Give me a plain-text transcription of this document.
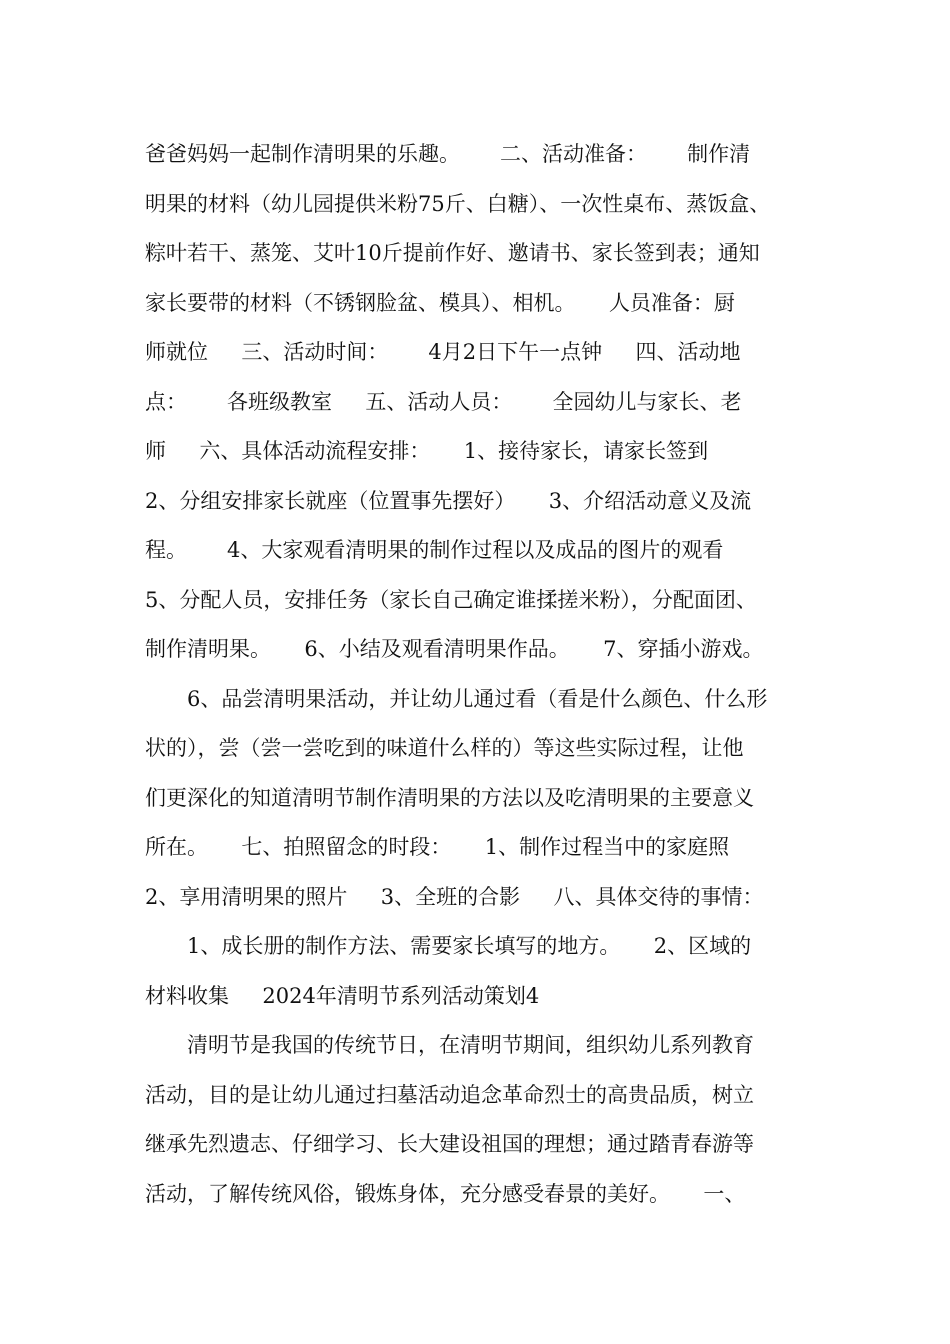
爸爸妈妈一起制作清明果的乐趣。      二、活动准备：      制作清
明果的材料（幼儿园提供米粉75斤、白糖）、一次性桌布、蒸饭盒、
粽叶若干、蒸笼、艾叶10斤提前作好、邀请书、家长签到表；通知
家长要带的材料（不锈钢脸盆、模具）、相机。     人员准备：厨
师就位     三、活动时间：      4月2日下午一点钟     四、活动地
点：      各班级教室     五、活动人员：      全园幼儿与家长、老
师     六、具体活动流程安排：     1、接待家长，请家长签到
2、分组安排家长就座（位置事先摆好）     3、介绍活动意义及流
程。      4、大家观看清明果的制作过程以及成品的图片的观看
5、分配人员，安排任务（家长自己确定谁揉搓米粉），分配面团、
制作清明果。     6、小结及观看清明果作品。     7、穿插小游戏。
6、品尝清明果活动，并让幼儿通过看（看是什么颜色、什么形
状的），尝（尝一尝吃到的味道什么样的）等这些实际过程，让他
们更深化的知道清明节制作清明果的方法以及吃清明果的主要意义
所在。     七、拍照留念的时段：     1、制作过程当中的家庭照
2、享用清明果的照片     3、全班的合影     八、具体交待的事情：
1、成长册的制作方法、需要家长填写的地方。     2、区域的
材料收集     2024年清明节系列活动策划4
清明节是我国的传统节日，在清明节期间，组织幼儿系列教育
活动，目的是让幼儿通过扫墓活动追念革命烈士的高贵品质，树立
继承先烈遗志、仔细学习、长大建设祖国的理想；通过踏青春游等
活动，了解传统风俗，锻炼身体，充分感受春景的美好。     一、
